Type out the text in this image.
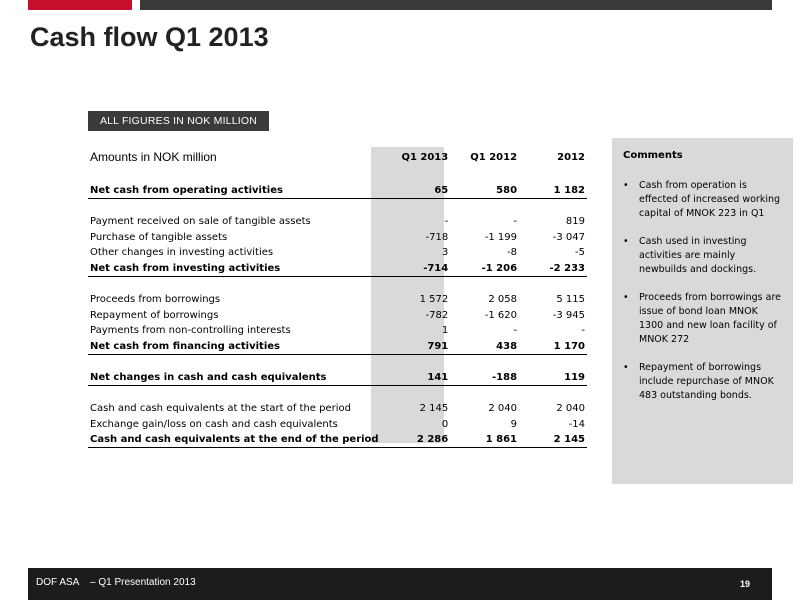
Cash flow Q1 2013
ALL FIGURES IN NOK MILLION
Amounts in NOK million	Q1 2013	Q1 2012	2012

Net cash from operating activities	65	580	1 182

Payment received on sale of tangible assets	-	-	819
Purchase of tangible assets	-718	-1 199	-3 047
Other changes in investing activities	3	-8	-5
Net cash from investing activities	-714	-1 206	-2 233

Proceeds from borrowings	1 572	2 058	5 115
Repayment of borrowings	-782	-1 620	-3 945
Payments from non-controlling interests	1	-	-
Net cash from financing activities	791	438	1 170

Net changes in cash and cash equivalents	141	-188	119

Cash and cash equivalents at the start of the period	2 145	2 040	2 040
Exchange gain/loss on cash and cash equivalents	0	9	-14
Cash and cash equivalents at the end of the period	2 286	1 861	2 145
Comments
• Cash from operation is effected of increased working capital of MNOK 223 in Q1
• Cash used in investing activities are mainly newbuilds and dockings.
• Proceeds from borrowings are issue of bond loan MNOK 1300 and new loan facility of MNOK 272
• Repayment of borrowings include repurchase of MNOK 483 outstanding bonds.
DOF ASA – Q1 Presentation 2013	19
